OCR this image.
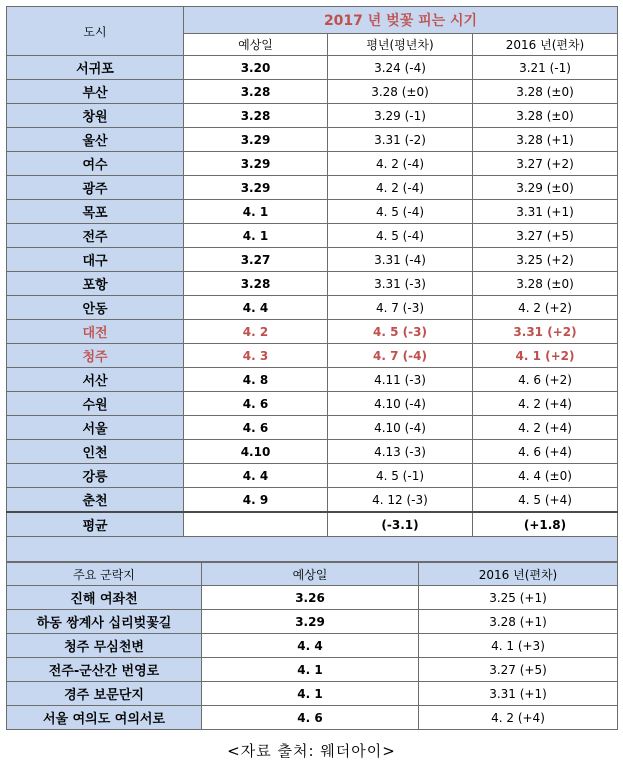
도시	2017 년 벚꽃 피는 시기		
	예상일	평년(평년차)	2016 년(편차)
서귀포	3.20	3.24 (-4)	3.21 (-1)
부산	3.28	3.28 (±0)	3.28 (±0)
창원	3.28	3.29 (-1)	3.28 (±0)
울산	3.29	3.31 (-2)	3.28 (+1)
여수	3.29	4. 2 (-4)	3.27 (+2)
광주	3.29	4. 2 (-4)	3.29 (±0)
목포	4. 1	4. 5 (-4)	3.31 (+1)
전주	4. 1	4. 5 (-4)	3.27 (+5)
대구	3.27	3.31 (-4)	3.25 (+2)
포항	3.28	3.31 (-3)	3.28 (±0)
안동	4. 4	4. 7 (-3)	4. 2 (+2)
대전	4. 2	4. 5 (-3)	3.31 (+2)
청주	4. 3	4. 7 (-4)	4. 1 (+2)
서산	4. 8	4.11 (-3)	4. 6 (+2)
수원	4. 6	4.10 (-4)	4. 2 (+4)
서울	4. 6	4.10 (-4)	4. 2 (+4)
인천	4.10	4.13 (-3)	4. 6 (+4)
강릉	4. 4	4. 5 (-1)	4. 4 (±0)
춘천	4. 9	4. 12 (-3)	4. 5 (+4)
평균		(-3.1)	(+1.8)

주요 군락지	예상일	2016 년(편차)
진해 여좌천	3.26	3.25 (+1)
하동 쌍계사 십리벚꽃길	3.29	3.28 (+1)
청주 무심천변	4. 4	4. 1 (+3)
전주-군산간 번영로	4. 1	3.27 (+5)
경주 보문단지	4. 1	3.31 (+1)
서울 여의도 여의서로	4. 6	4. 2 (+4)
<자료 출처: 웨더아이>
